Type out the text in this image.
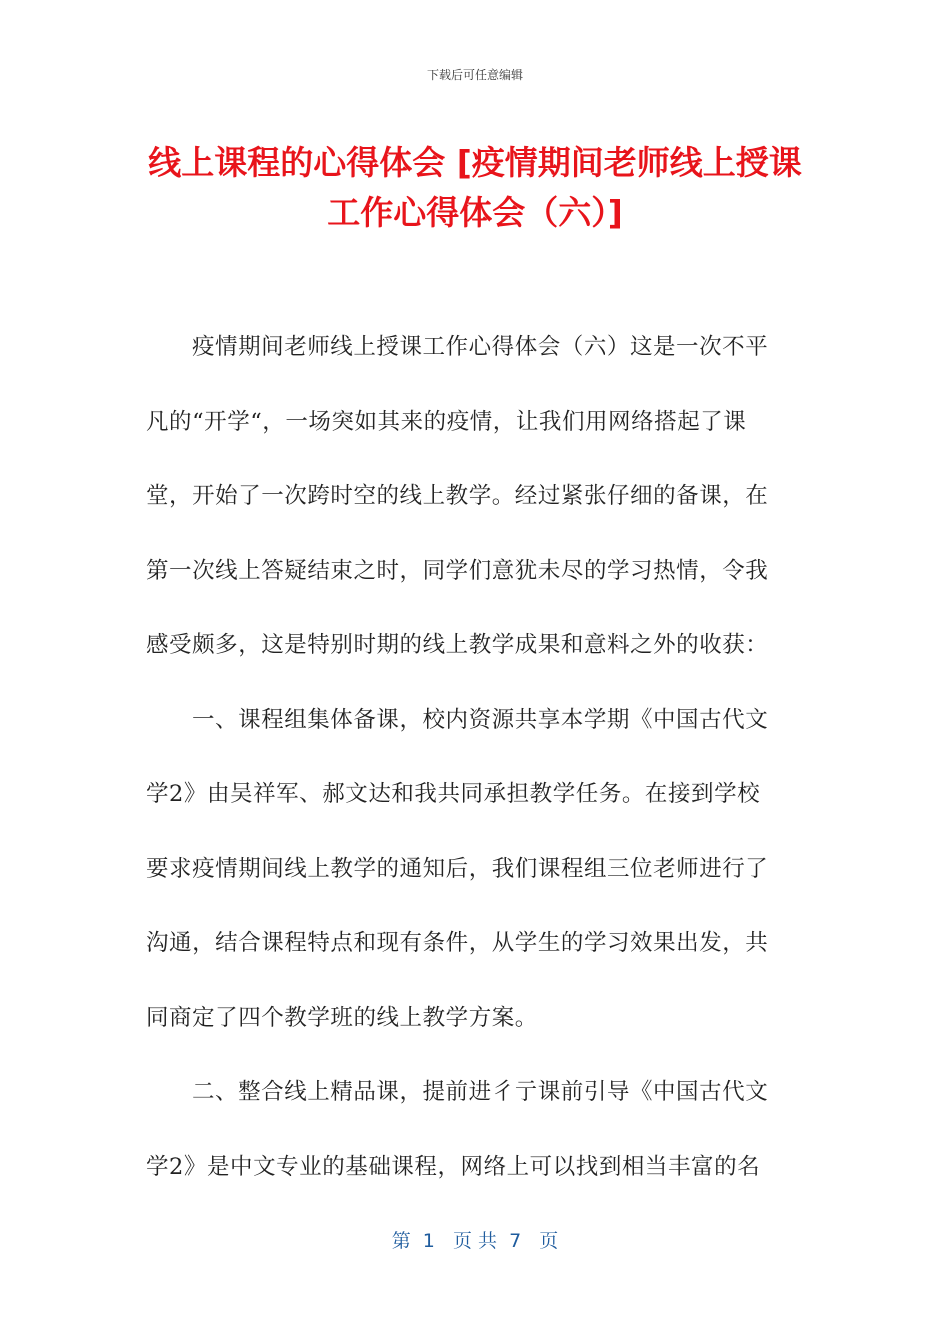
下载后可任意编辑
线上课程的心得体会 [疫情期间老师线上授课
工作心得体会（六）]
疫情期间老师线上授课工作心得体会（六）这是一次不平
凡的“开学“，一场突如其来的疫情，让我们用网络搭起了课
堂，开始了一次跨时空的线上教学。经过紧张仔细的备课，在
第一次线上答疑结束之时，同学们意犹未尽的学习热情，令我
感受颇多，这是特别时期的线上教学成果和意料之外的收获：
一、课程组集体备课，校内资源共享本学期《中国古代文
学2》由吴祥军、郝文达和我共同承担教学任务。在接到学校
要求疫情期间线上教学的通知后，我们课程组三位老师进行了
沟通，结合课程特点和现有条件，从学生的学习效果出发，共
同商定了四个教学班的线上教学方案。
二、整合线上精品课，提前进彳亍课前引导《中国古代文
学2》是中文专业的基础课程，网络上可以找到相当丰富的名
第  1   页 共  7   页
